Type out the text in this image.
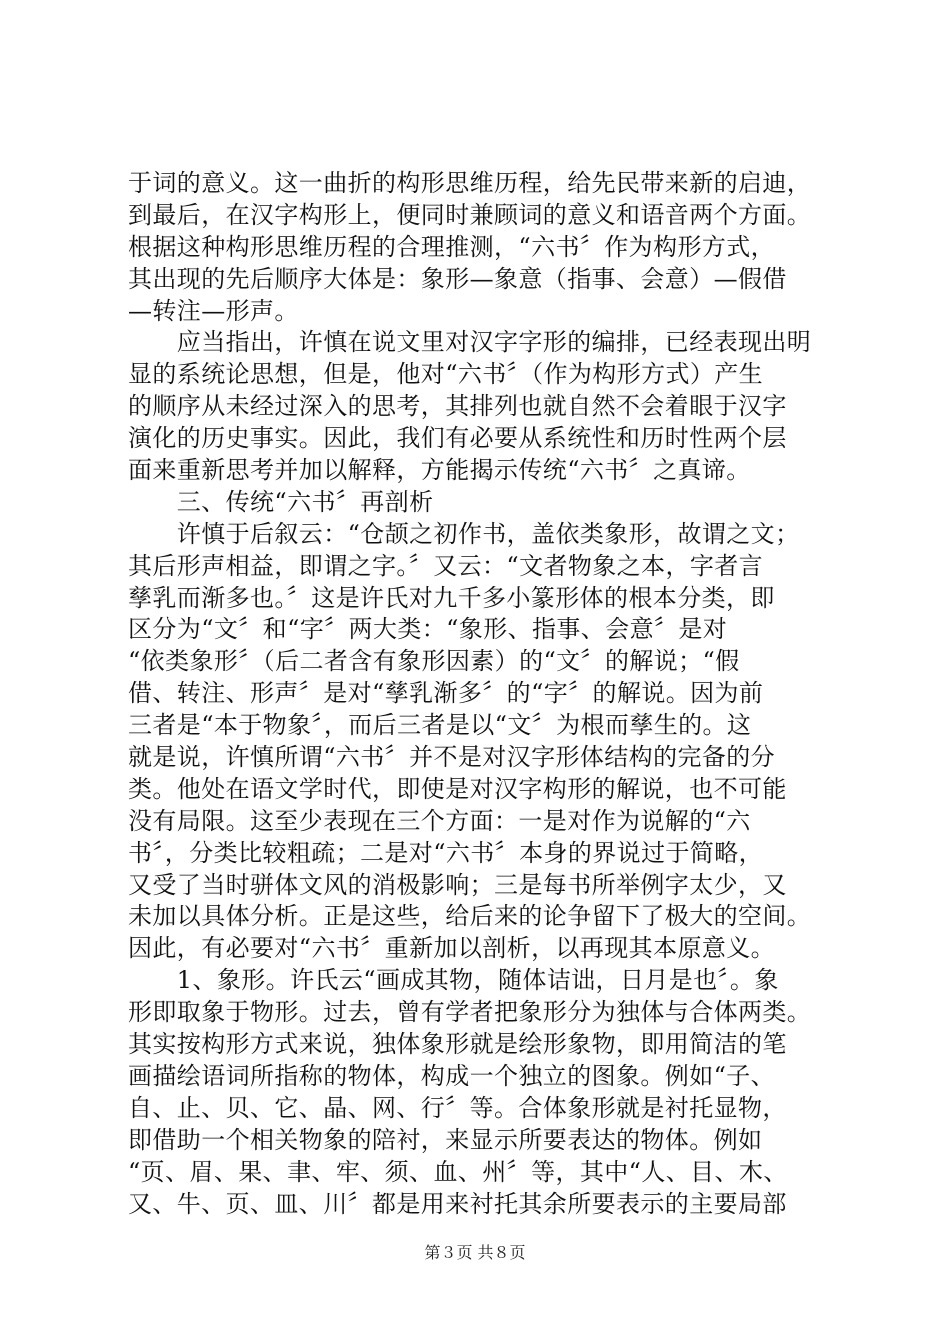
于词的意义。这一曲折的构形思维历程，给先民带来新的启迪，
到最后，在汉字构形上，便同时兼顾词的意义和语音两个方面。
根据这种构形思维历程的合理推测，“六书〞作为构形方式，
其出现的先后顺序大体是：象形—象意（指事、会意）—假借
—转注—形声。
　　应当指出，许慎在说文里对汉字字形的编排，已经表现出明
显的系统论思想，但是，他对“六书〞（作为构形方式）产生
的顺序从未经过深入的思考，其排列也就自然不会着眼于汉字
演化的历史事实。因此，我们有必要从系统性和历时性两个层
面来重新思考并加以解释，方能揭示传统“六书〞之真谛。
　　三、传统“六书〞再剖析
　　许慎于后叙云：“仓颉之初作书，盖依类象形，故谓之文；
其后形声相益，即谓之字。〞又云：“文者物象之本，字者言
孳乳而渐多也。〞这是许氏对九千多小篆形体的根本分类，即
区分为“文〞和“字〞两大类：“象形、指事、会意〞是对
“依类象形〞（后二者含有象形因素）的“文〞的解说；“假
借、转注、形声〞是对“孳乳渐多〞的“字〞的解说。因为前
三者是“本于物象〞，而后三者是以“文〞为根而孳生的。这
就是说，许慎所谓“六书〞并不是对汉字形体结构的完备的分
类。他处在语文学时代，即使是对汉字构形的解说，也不可能
没有局限。这至少表现在三个方面：一是对作为说解的“六
书〞，分类比较粗疏；二是对“六书〞本身的界说过于简略，
又受了当时骈体文风的消极影响；三是每书所举例字太少，又
未加以具体分析。正是这些，给后来的论争留下了极大的空间。
因此，有必要对“六书〞重新加以剖析，以再现其本原意义。
　　1、象形。许氏云“画成其物，随体诘诎，日月是也〞。象
形即取象于物形。过去，曾有学者把象形分为独体与合体两类。
其实按构形方式来说，独体象形就是绘形象物，即用简洁的笔
画描绘语词所指称的物体，构成一个独立的图象。例如“子、
自、止、贝、它、晶、网、行〞等。合体象形就是衬托显物，
即借助一个相关物象的陪衬，来显示所要表达的物体。例如
“页、眉、果、聿、牢、须、血、州〞等，其中“人、目、木、
又、牛、页、皿、川〞都是用来衬托其余所要表示的主要局部
第３页 共８页
